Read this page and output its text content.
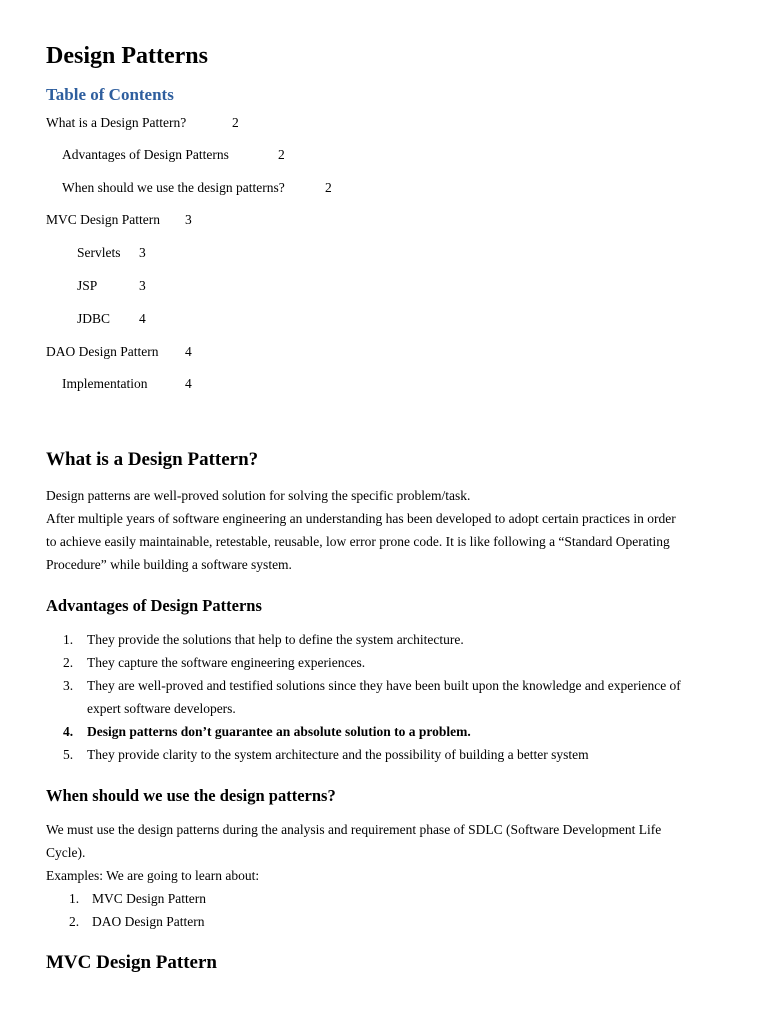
Design Patterns
Table of Contents
What is a Design Pattern?	2
Advantages of Design Patterns	2
When should we use the design patterns?	2
MVC Design Pattern 3
Servlets 3
JSP	3
JDBC 4
DAO Design Pattern 4
Implementation	4
What is a Design Pattern?
Design patterns are well-proved solution for solving the specific problem/task.
After multiple years of software engineering an understanding has been developed to adopt certain practices in order
to achieve easily maintainable, retestable, reusable, low error prone code. It is like following a “Standard Operating
Procedure” while building a software system.
Advantages of Design Patterns
1. They provide the solutions that help to define the system architecture.
2. They capture the software engineering experiences.
3. They are well-proved and testified solutions since they have been built upon the knowledge and experience of
expert software developers.
4. Design patterns don’t guarantee an absolute solution to a problem.
5. They provide clarity to the system architecture and the possibility of building a better system
When should we use the design patterns?
We must use the design patterns during the analysis and requirement phase of SDLC (Software Development Life
Cycle).
Examples: We are going to learn about:
1. MVC Design Pattern
2. DAO Design Pattern
MVC Design Pattern
